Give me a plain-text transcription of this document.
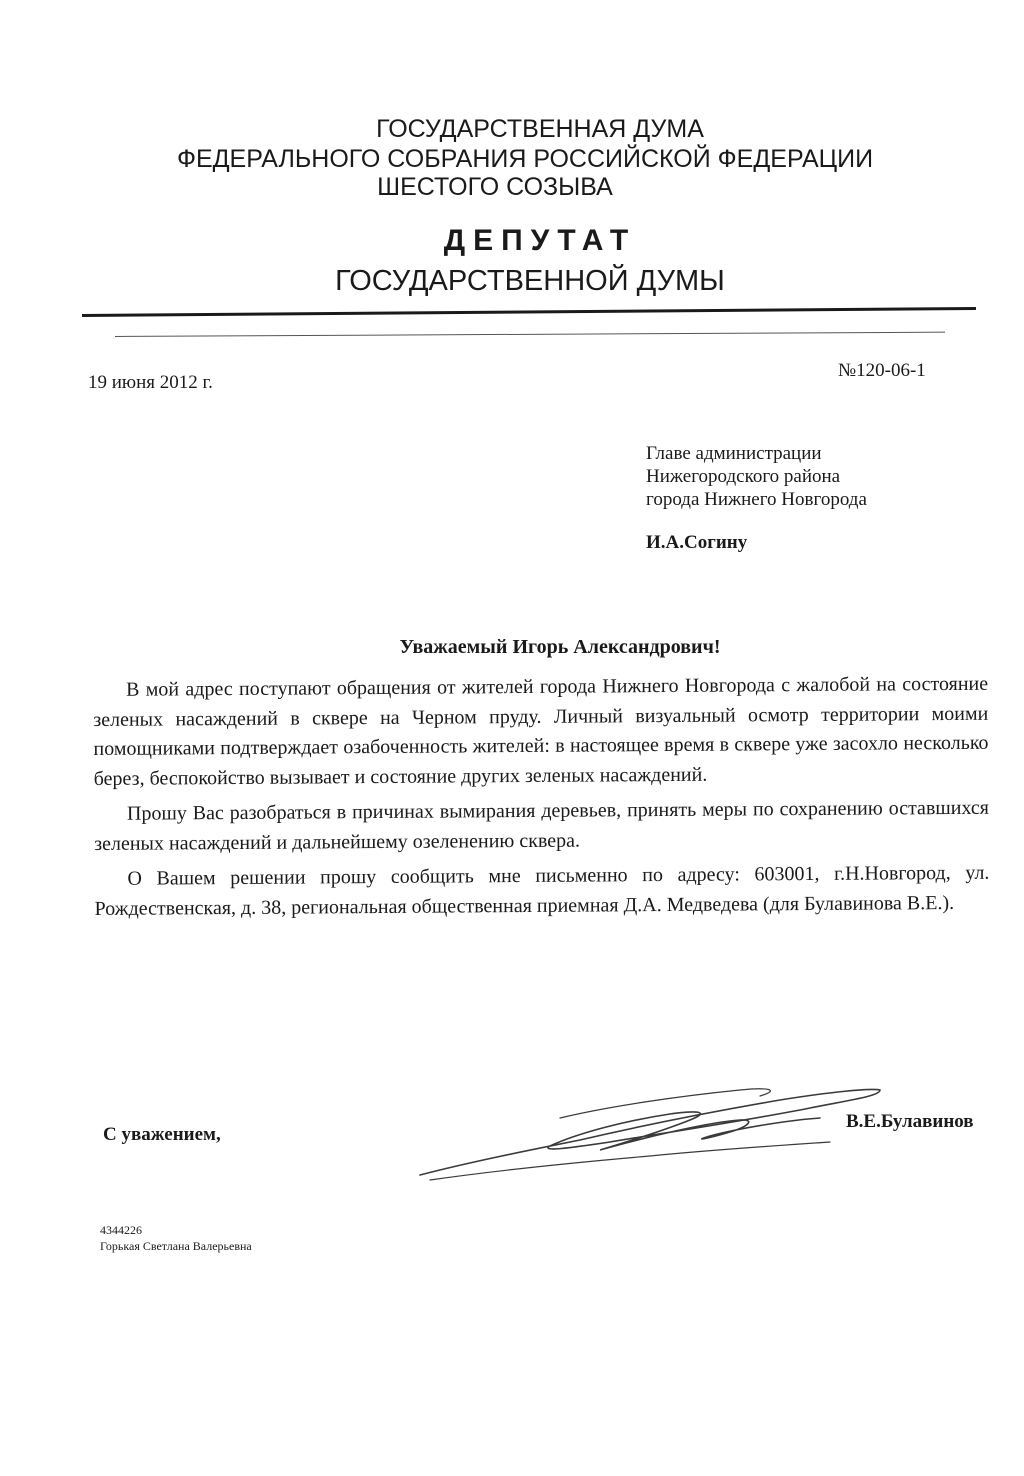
ГОСУДАРСТВЕННАЯ ДУМА
ФЕДЕРАЛЬНОГО СОБРАНИЯ РОССИЙСКОЙ ФЕДЕРАЦИИ
ШЕСТОГО СОЗЫВА
ДЕПУТАТ
ГОСУДАРСТВЕННОЙ ДУМЫ
19 июня 2012 г.
№120-06-1
Главе администрации
Нижегородского района
города Нижнего Новгорода
И.А.Согину
Уважаемый Игорь Александрович!

В мой адрес поступают обращения от жителей города Нижнего Новгорода с жалобой на состояние зеленых насаждений в сквере на Черном пруду. Личный визуальный осмотр территории моими помощниками подтверждает озабоченность жителей: в настоящее время в сквере уже засохло несколько берез, беспокойство вызывает и состояние других зеленых насаждений.

Прошу Вас разобраться в причинах вымирания деревьев, принять меры по сохранению оставшихся зеленых насаждений и дальнейшему озеленению сквера.

О Вашем решении прошу сообщить мне письменно по адресу: 603001, г.Н.Новгород, ул. Рождественская, д. 38, региональная общественная приемная Д.А. Медведева (для Булавинова В.Е.).

С уважением,
В.Е.Булавинов
4344226
Горькая Светлана Валерьевна
